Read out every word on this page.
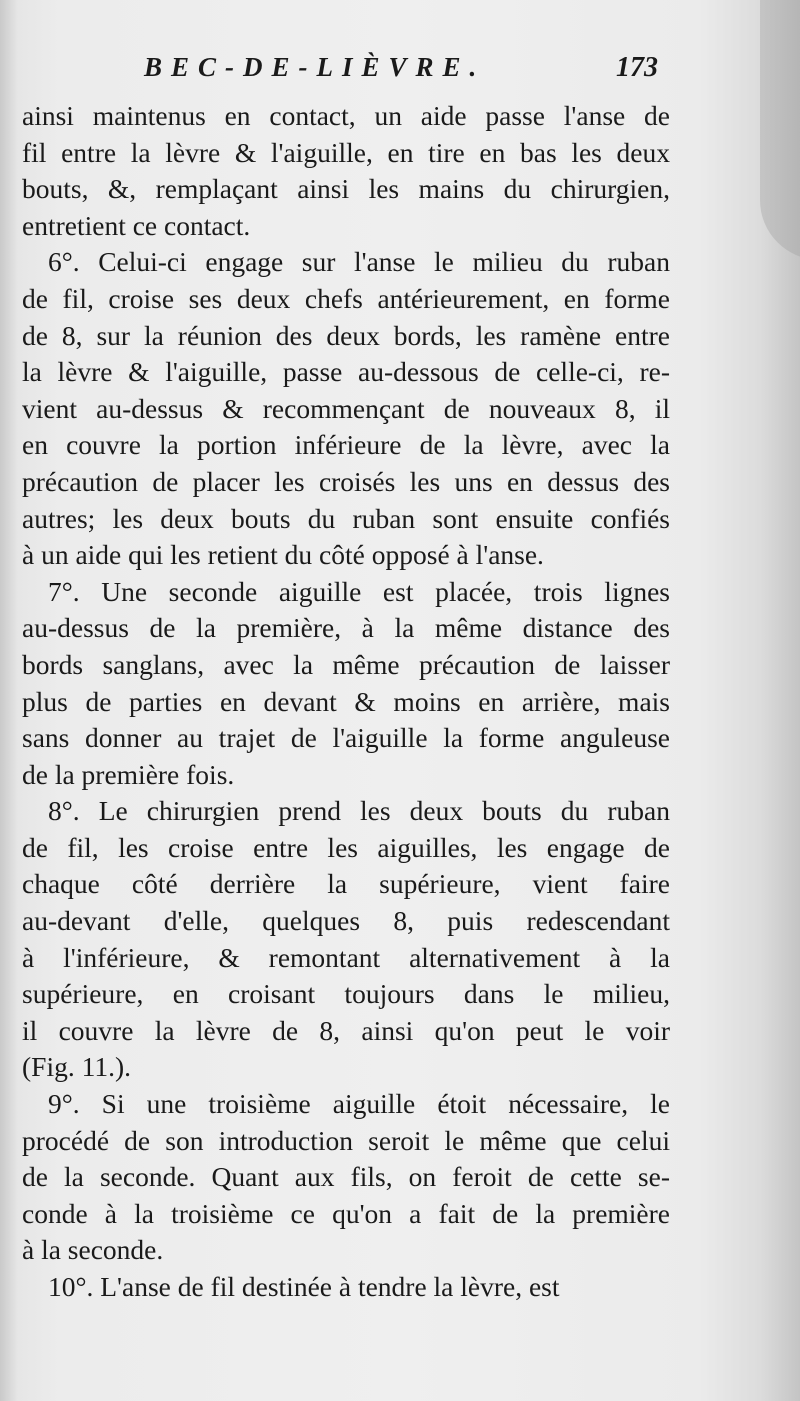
BEC-DE-LIÈVRE.	173
ainsi maintenus en contact, un aide passe l'anse de
fil entre la lèvre & l'aiguille, en tire en bas les deux
bouts, &, remplaçant ainsi les mains du chirurgien,
entretient ce contact.
6°. Celui-ci engage sur l'anse le milieu du ruban
de fil, croise ses deux chefs antérieurement, en forme
de 8, sur la réunion des deux bords, les ramène entre
la lèvre & l'aiguille, passe au-dessous de celle-ci, re-
vient au-dessus & recommençant de nouveaux 8, il
en couvre la portion inférieure de la lèvre, avec la
précaution de placer les croisés les uns en dessus des
autres; les deux bouts du ruban sont ensuite confiés
à un aide qui les retient du côté opposé à l'anse.
7°. Une seconde aiguille est placée, trois lignes
au-dessus de la première, à la même distance des
bords sanglans, avec la même précaution de laisser
plus de parties en devant & moins en arrière, mais
sans donner au trajet de l'aiguille la forme anguleuse
de la première fois.
8°. Le chirurgien prend les deux bouts du ruban
de fil, les croise entre les aiguilles, les engage de
chaque côté derrière la supérieure, vient faire
au-devant d'elle, quelques 8, puis redescendant
à l'inférieure, & remontant alternativement à la
supérieure, en croisant toujours dans le milieu,
il couvre la lèvre de 8, ainsi qu'on peut le voir
(Fig. 11.).
9°. Si une troisième aiguille étoit nécessaire, le
procédé de son introduction seroit le même que celui
de la seconde. Quant aux fils, on feroit de cette se-
conde à la troisième ce qu'on a fait de la première
à la seconde.
10°. L'anse de fil destinée à tendre la lèvre, est
